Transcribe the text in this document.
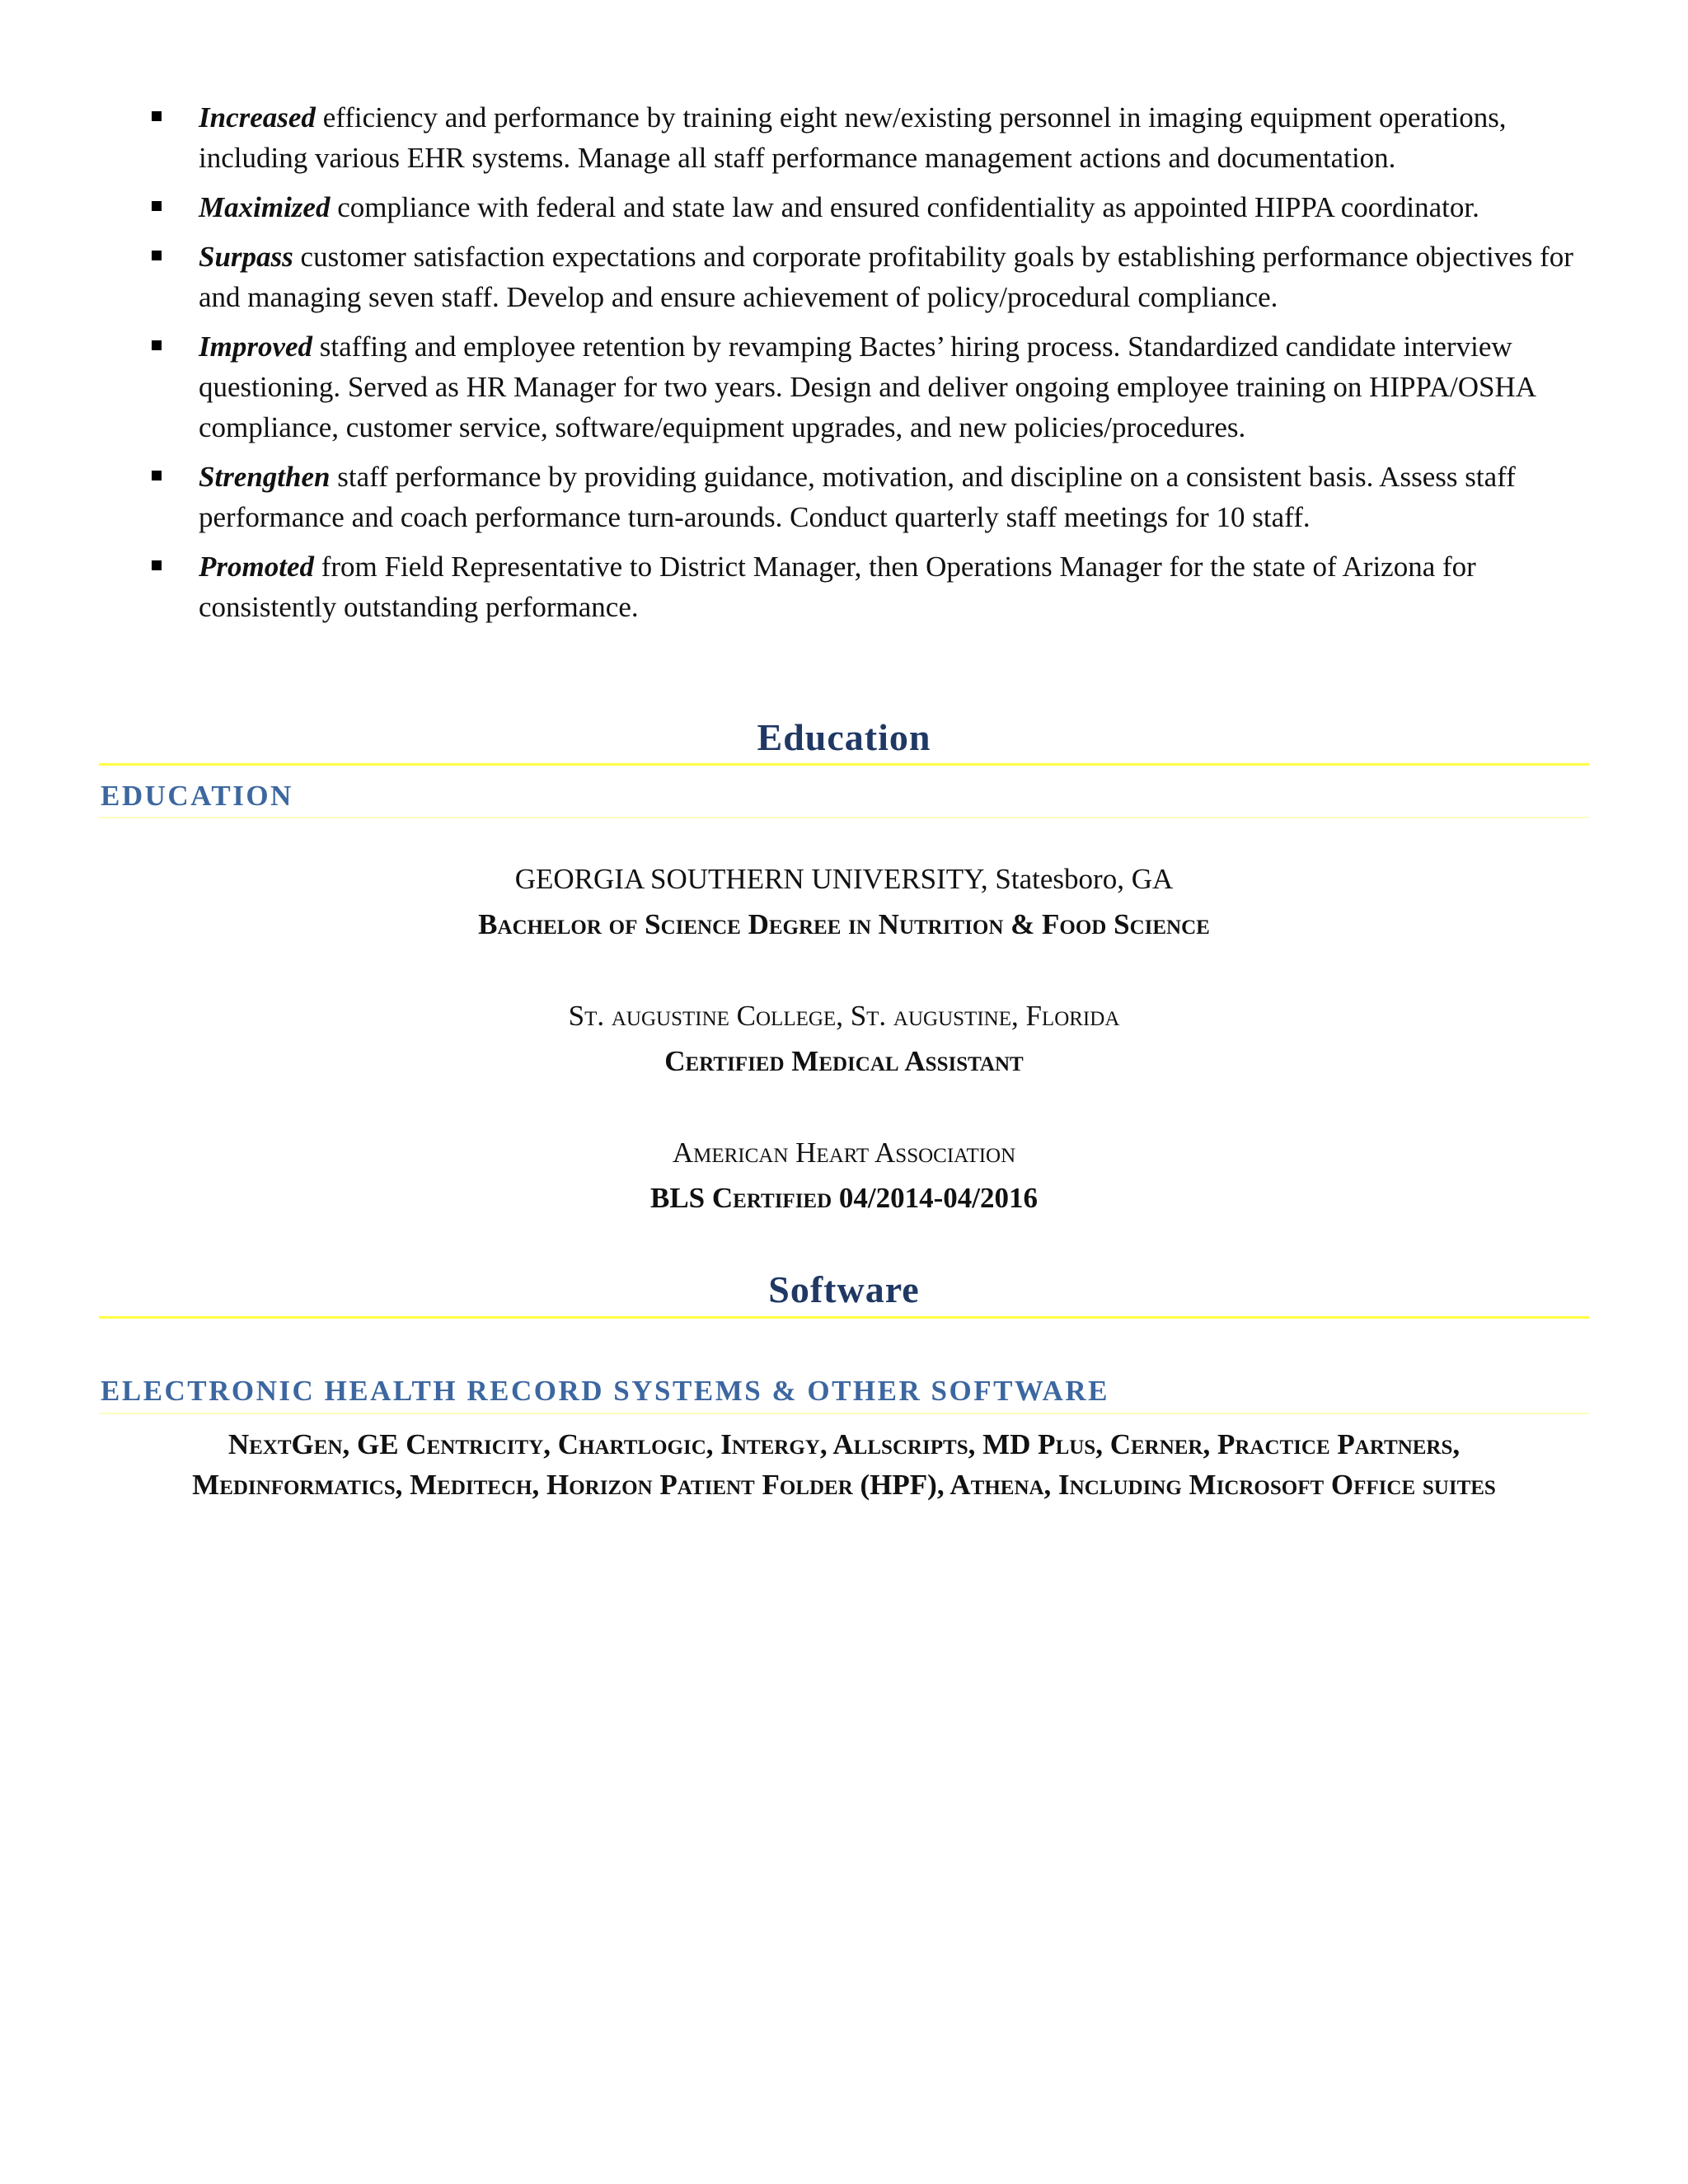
Increased efficiency and performance by training eight new/existing personnel in imaging equipment operations, including various EHR systems. Manage all staff performance management actions and documentation.
Maximized compliance with federal and state law and ensured confidentiality as appointed HIPPA coordinator.
Surpass customer satisfaction expectations and corporate profitability goals by establishing performance objectives for and managing seven staff. Develop and ensure achievement of policy/procedural compliance.
Improved staffing and employee retention by revamping Bactes’ hiring process. Standardized candidate interview questioning. Served as HR Manager for two years. Design and deliver ongoing employee training on HIPPA/OSHA compliance, customer service, software/equipment upgrades, and new policies/procedures.
Strengthen staff performance by providing guidance, motivation, and discipline on a consistent basis. Assess staff performance and coach performance turn-arounds. Conduct quarterly staff meetings for 10 staff.
Promoted from Field Representative to District Manager, then Operations Manager for the state of Arizona for consistently outstanding performance.
Education
EDUCATION

GEORGIA SOUTHERN UNIVERSITY, Statesboro, GA

Bachelor of Science Degree in Nutrition & Food Science

St. augustine College, St. augustine, Florida

Certified Medical Assistant

American Heart Association

BLS Certified 04/2014-04/2016

Software
ELECTRONIC HEALTH RECORD SYSTEMS & OTHER SOFTWARE

NextGen, GE Centricity, Chartlogic, Intergy, Allscripts, MD Plus, Cerner, Practice Partners, Medinformatics, Meditech, Horizon Patient Folder (HPF), Athena, Including Microsoft Office suites
